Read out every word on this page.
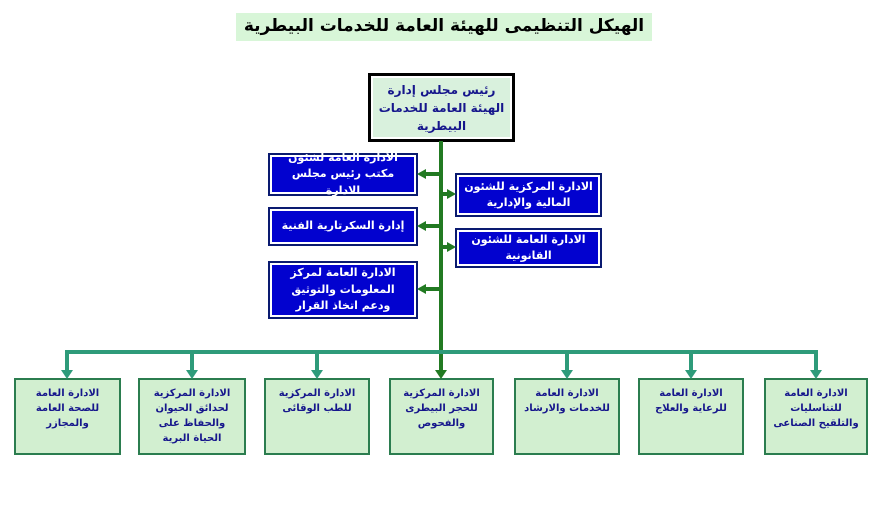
الهيكل التنظيمى للهيئة العامة للخدمات البيطرية
رئيس مجلس إدارة الهيئة العامة للخدمات البيطرية
الادارة العامة لشئون مكتب رئيس مجلس الادارة
إدارة السكرتارية الفنية
الادارة العامة لمركز المعلومات والتوثيق ودعم اتخاذ القرار
الادارة المركزية للشئون المالية والإدارية
الادارة العامة للشئون القانونية
الادارة العامة للصحة العامة والمجازر
الادارة المركزية لحدائق الحيوان والحفاظ على الحياة البرية
الادارة المركزية للطب الوقائى
الادارة المركزية للحجر البيطرى والفحوص
الادارة العامة للخدمات والارشاد
الادارة العامة للرعاية والعلاج
الادارة العامة للتناسليات والتلقيح الصناعى
